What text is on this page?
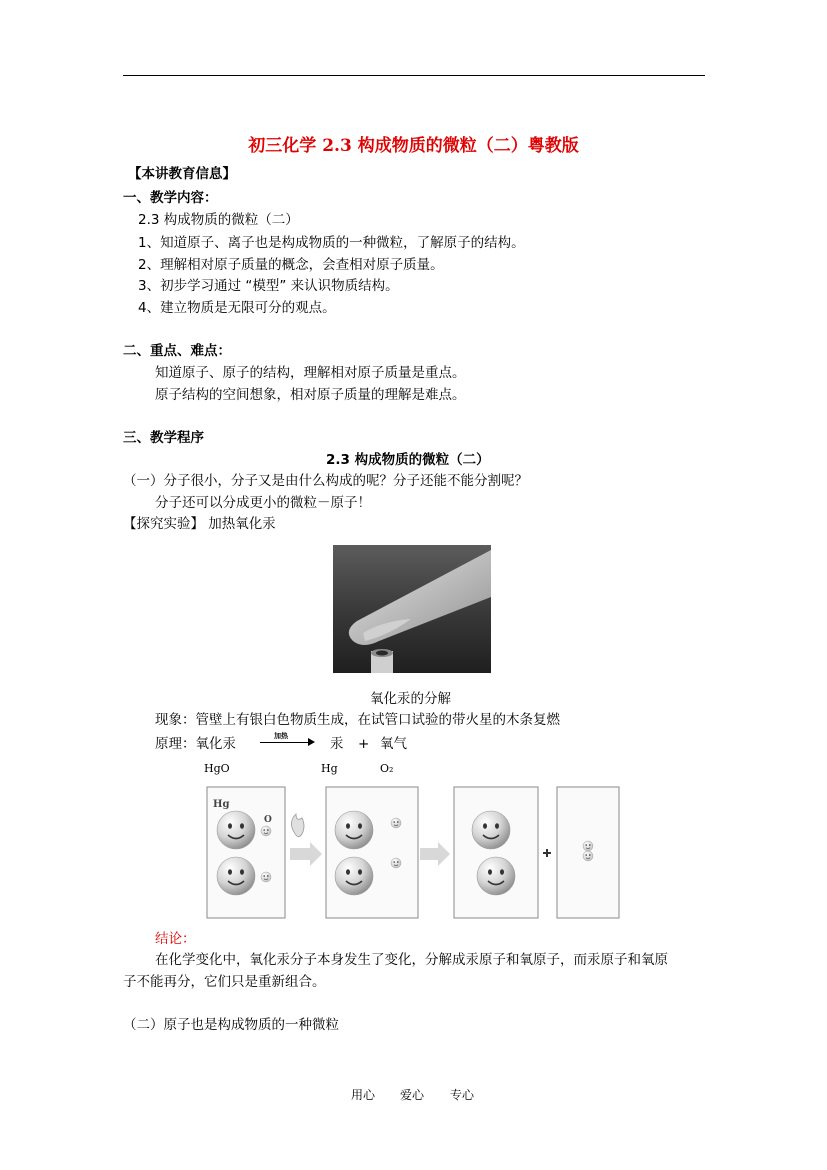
初三化学 2.3 构成物质的微粒（二）粤教版
【本讲教育信息】
一、教学内容：
2.3 构成物质的微粒（二）
1、知道原子、离子也是构成物质的一种微粒，了解原子的结构。
2、理解相对原子质量的概念，会查相对原子质量。
3、初步学习通过 “模型” 来认识物质结构。
4、建立物质是无限可分的观点。
二、重点、难点：
知道原子、原子的结构，理解相对原子质量是重点。
原子结构的空间想象，相对原子质量的理解是难点。
三、教学程序
2.3 构成物质的微粒（二）
（一）分子很小，分子又是由什么构成的呢？分子还能不能分割呢？
分子还可以分成更小的微粒－原子！
【探究实验】 加热氧化汞
氧化汞的分解
现象：管壁上有银白色物质生成，在试管口试验的带火星的木条复燃
原理：氧化汞	加热	汞 + 氧气
HgO	Hg	O₂
Hg
O
结论：
在化学变化中，氧化汞分子本身发生了变化，分解成汞原子和氧原子，而汞原子和氧原
子不能再分，它们只是重新组合。
（二）原子也是构成物质的一种微粒
用心 爱心 专心
